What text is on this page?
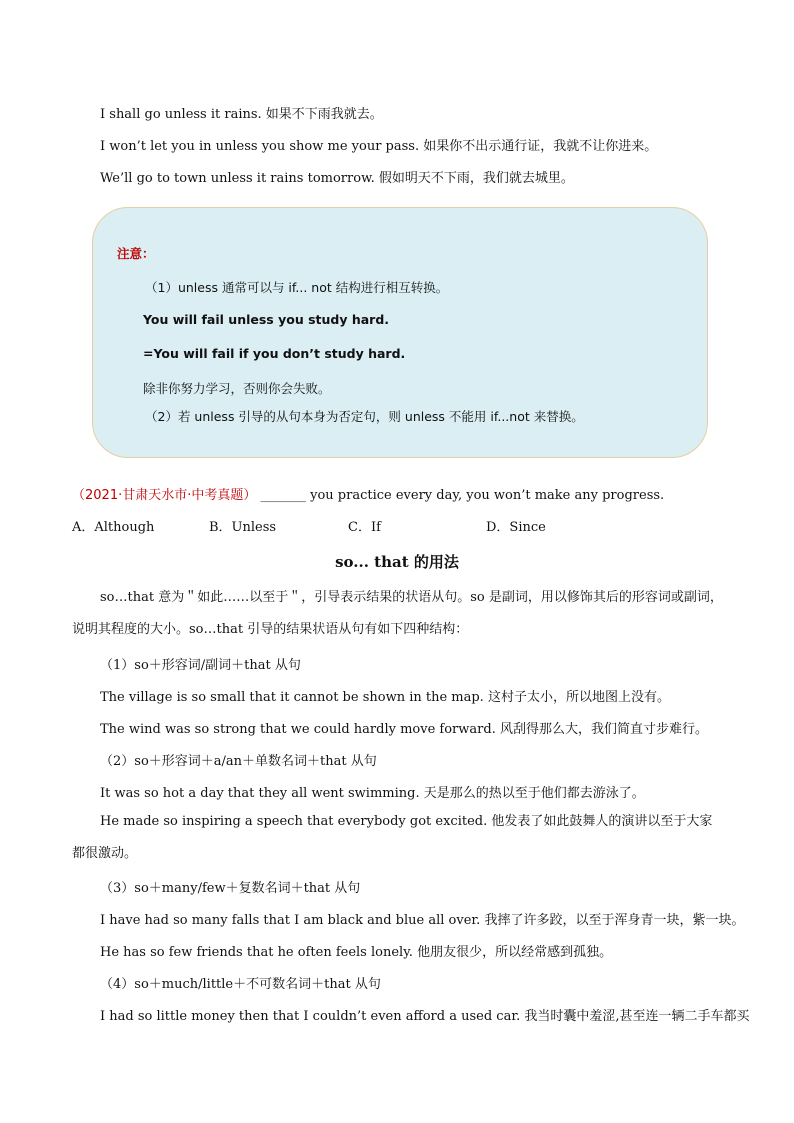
I shall go unless it rains. 如果不下雨我就去。
I won’t let you in unless you show me your pass. 如果你不出示通行证，我就不让你进来。
We’ll go to town unless it rains tomorrow. 假如明天不下雨，我们就去城里。
注意：
（1）unless 通常可以与 if... not 结构进行相互转换。
You will fail unless you study hard.
=You will fail if you don’t study hard.
除非你努力学习，否则你会失败。
（2）若 unless 引导的从句本身为否定句，则 unless 不能用 if...not 来替换。
（2021·甘肃天水市·中考真题） _______ you practice every day, you won’t make any progress.
A．Although	B．Unless	C．If	D．Since
so... that 的用法
so…that 意为＂如此……以至于＂，引导表示结果的状语从句。so 是副词，用以修饰其后的形容词或副词，说明其程度的大小。so…that 引导的结果状语从句有如下四种结构：
（1）so＋形容词/副词＋that 从句
The village is so small that it cannot be shown in the map. 这村子太小，所以地图上没有。
The wind was so strong that we could hardly move forward. 风刮得那么大，我们简直寸步难行。
（2）so＋形容词＋a/an＋单数名词＋that 从句
It was so hot a day that they all went swimming. 天是那么的热以至于他们都去游泳了。
He made so inspiring a speech that everybody got excited. 他发表了如此鼓舞人的演讲以至于大家都很激动。
（3）so＋many/few＋复数名词＋that 从句
I have had so many falls that I am black and blue all over. 我摔了许多跤，以至于浑身青一块，紫一块。
He has so few friends that he often feels lonely. 他朋友很少，所以经常感到孤独。
（4）so＋much/little＋不可数名词＋that 从句
I had so little money then that I couldn’t even afford a used car. 我当时囊中羞涩,甚至连一辆二手车都买
